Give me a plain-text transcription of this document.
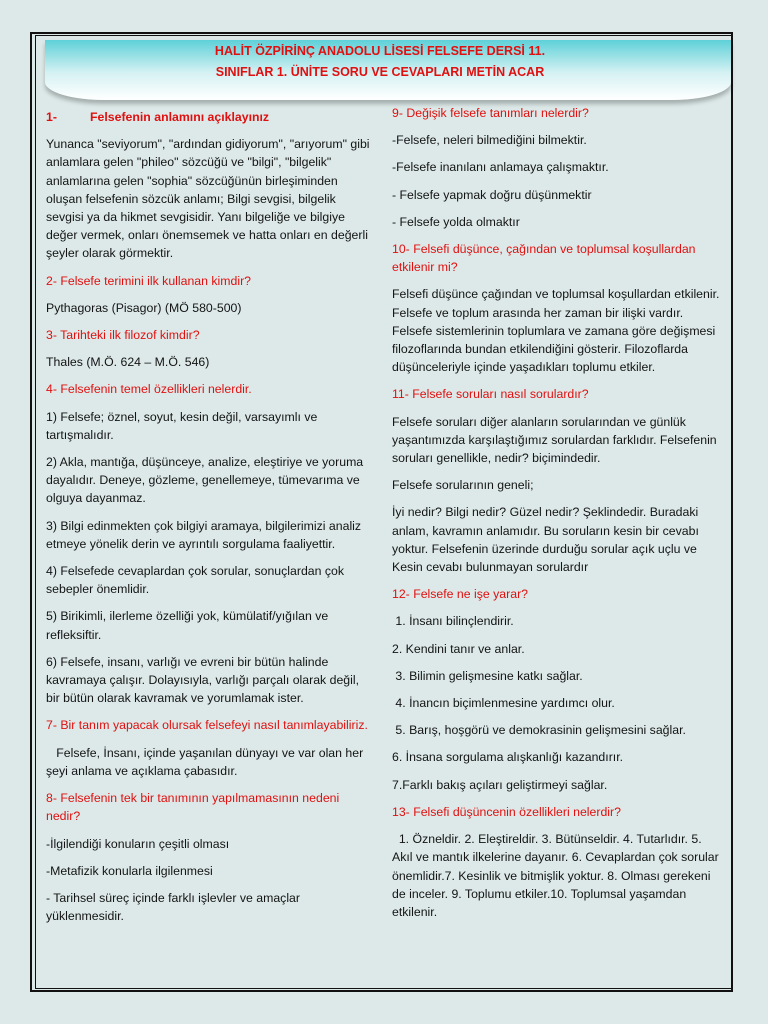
HALİT ÖZPİRİNÇ ANADOLU LİSESİ FELSEFE DERSİ 11.
SINIFLAR 1. ÜNİTE SORU VE CEVAPLARI METİN ACAR
1-	Felsefenin anlamını açıklayınız

Yunanca "seviyorum", "ardından gidiyorum", "arıyorum" gibi anlamlara gelen "phileo" sözcüğü ve "bilgi", "bilgelik" anlamlarına gelen "sophia" sözcüğünün birleşiminden oluşan felsefenin sözcük anlamı; Bilgi sevgisi, bilgelik sevgisi ya da hikmet sevgisidir. Yanı bilgeliğe ve bilgiye değer vermek, onları önemsemek ve hatta onları en değerli şeyler olarak görmektir.

2- Felsefe terimini ilk kullanan kimdir?

Pythagoras (Pisagor) (MÖ 580-500)

3- Tarihteki ilk filozof kimdir?

Thales (M.Ö. 624 – M.Ö. 546)

4- Felsefenin temel özellikleri nelerdir.

1) Felsefe; öznel, soyut, kesin değil, varsayımlı ve tartışmalıdır.

2) Akla, mantığa, düşünceye, analize, eleştiriye ve yoruma dayalıdır. Deneye, gözleme, genellemeye, tümevarıma ve olguya dayanmaz.

3) Bilgi edinmekten çok bilgiyi aramaya, bilgilerimizi analiz etmeye yönelik derin ve ayrıntılı sorgulama faaliyettir.

4) Felsefede cevaplardan çok sorular, sonuçlardan çok sebepler önemlidir.

5) Birikimli, ilerleme özelliği yok, kümülatif/yığılan ve refleksiftir.

6) Felsefe, insanı, varlığı ve evreni bir bütün halinde kavramaya çalışır. Dolayısıyla, varlığı parçalı olarak değil, bir bütün olarak kavramak ve yorumlamak ister.

7- Bir tanım yapacak olursak felsefeyi nasıl tanımlayabiliriz.

Felsefe, İnsanı, içinde yaşanılan dünyayı ve var olan her şeyi anlama ve açıklama çabasıdır.

8- Felsefenin tek bir tanımının yapılmamasının nedeni nedir?

-İlgilendiği konuların çeşitli olması

-Metafizik konularla ilgilenmesi

- Tarihsel süreç içinde farklı işlevler ve amaçlar yüklenmesidir.

9- Değişik felsefe tanımları nelerdir?

-Felsefe, neleri bilmediğini bilmektir.

-Felsefe inanılanı anlamaya çalışmaktır.

- Felsefe yapmak doğru düşünmektir

- Felsefe yolda olmaktır

10- Felsefi düşünce, çağından ve toplumsal koşullardan etkilenir mi?

Felsefi düşünce çağından ve toplumsal koşullardan etkilenir. Felsefe ve toplum arasında her zaman bir ilişki vardır. Felsefe sistemlerinin toplumlara ve zamana göre değişmesi filozoflarında bundan etkilendiğini gösterir. Filozoflarda düşünceleriyle içinde yaşadıkları toplumu etkiler.

11- Felsefe soruları nasıl sorulardır?

Felsefe soruları diğer alanların sorularından ve günlük yaşantımızda karşılaştığımız sorulardan farklıdır. Felsefenin soruları genellikle, nedir? biçimindedir.

Felsefe sorularının geneli;

İyi nedir? Bilgi nedir? Güzel nedir? Şeklindedir. Buradaki anlam, kavramın anlamıdır. Bu soruların kesin bir cevabı yoktur. Felsefenin üzerinde durduğu sorular açık uçlu ve Kesin cevabı bulunmayan sorulardır

12- Felsefe ne işe yarar?

1. İnsanı bilinçlendirir.

2. Kendini tanır ve anlar.

3. Bilimin gelişmesine katkı sağlar.

4. İnancın biçimlenmesine yardımcı olur.

5. Barış, hoşgörü ve demokrasinin gelişmesini sağlar.

6. İnsana sorgulama alışkanlığı kazandırır.

7.Farklı bakış açıları geliştirmeyi sağlar.

13- Felsefi düşüncenin özellikleri nelerdir?

1. Özneldir. 2. Eleştireldir. 3. Bütünseldir. 4. Tutarlıdır. 5. Akıl ve mantık ilkelerine dayanır. 6. Cevaplardan çok sorular önemlidir.7. Kesinlik ve bitmişlik yoktur. 8. Olması gerekeni de inceler. 9. Toplumu etkiler.10. Toplumsal yaşamdan etkilenir.
